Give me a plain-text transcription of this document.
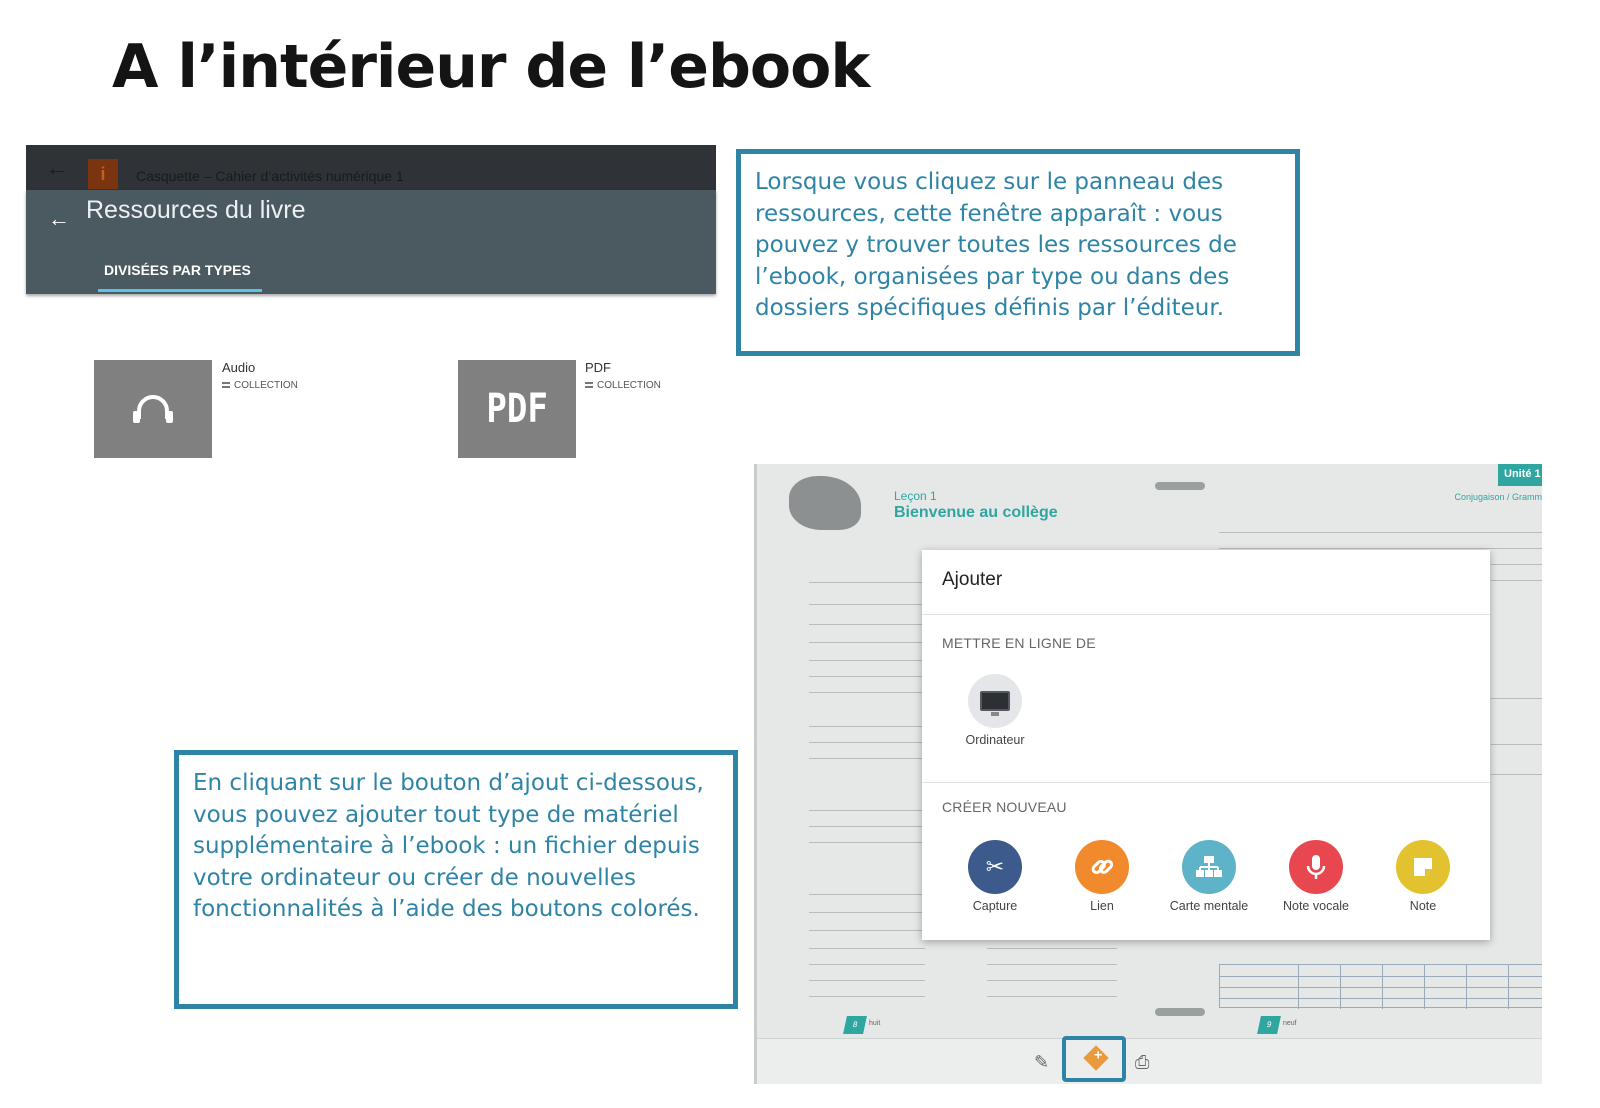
A l’intérieur de l’ebook
←	i	Casquette – Cahier d’activités numérique 1
← Ressources du livre
DIVISÉES PAR TYPES
Audio
COLLECTION
PDF
PDF
COLLECTION
Lorsque vous cliquez sur le panneau des ressources, cette fenêtre apparaît : vous pouvez y trouver toutes les ressources de l’ebook, organisées par type ou dans des dossiers spécifiques définis par l’éditeur.
En cliquant sur le bouton d’ajout ci-dessous, vous pouvez ajouter tout type de matériel supplémentaire à l’ebook : un fichier depuis votre ordinateur ou créer de nouvelles fonctionnalités à l’aide des boutons colorés.
Unité 1
Leçon 1
Bienvenue au collège
Conjugaison / Gramm
8	huit	9	neuf
✎	⎙
+
Ajouter
METTRE EN LIGNE DE
Ordinateur
CRÉER NOUVEAU
✂
Capture	Lien	Carte mentale	Note vocale	Note
